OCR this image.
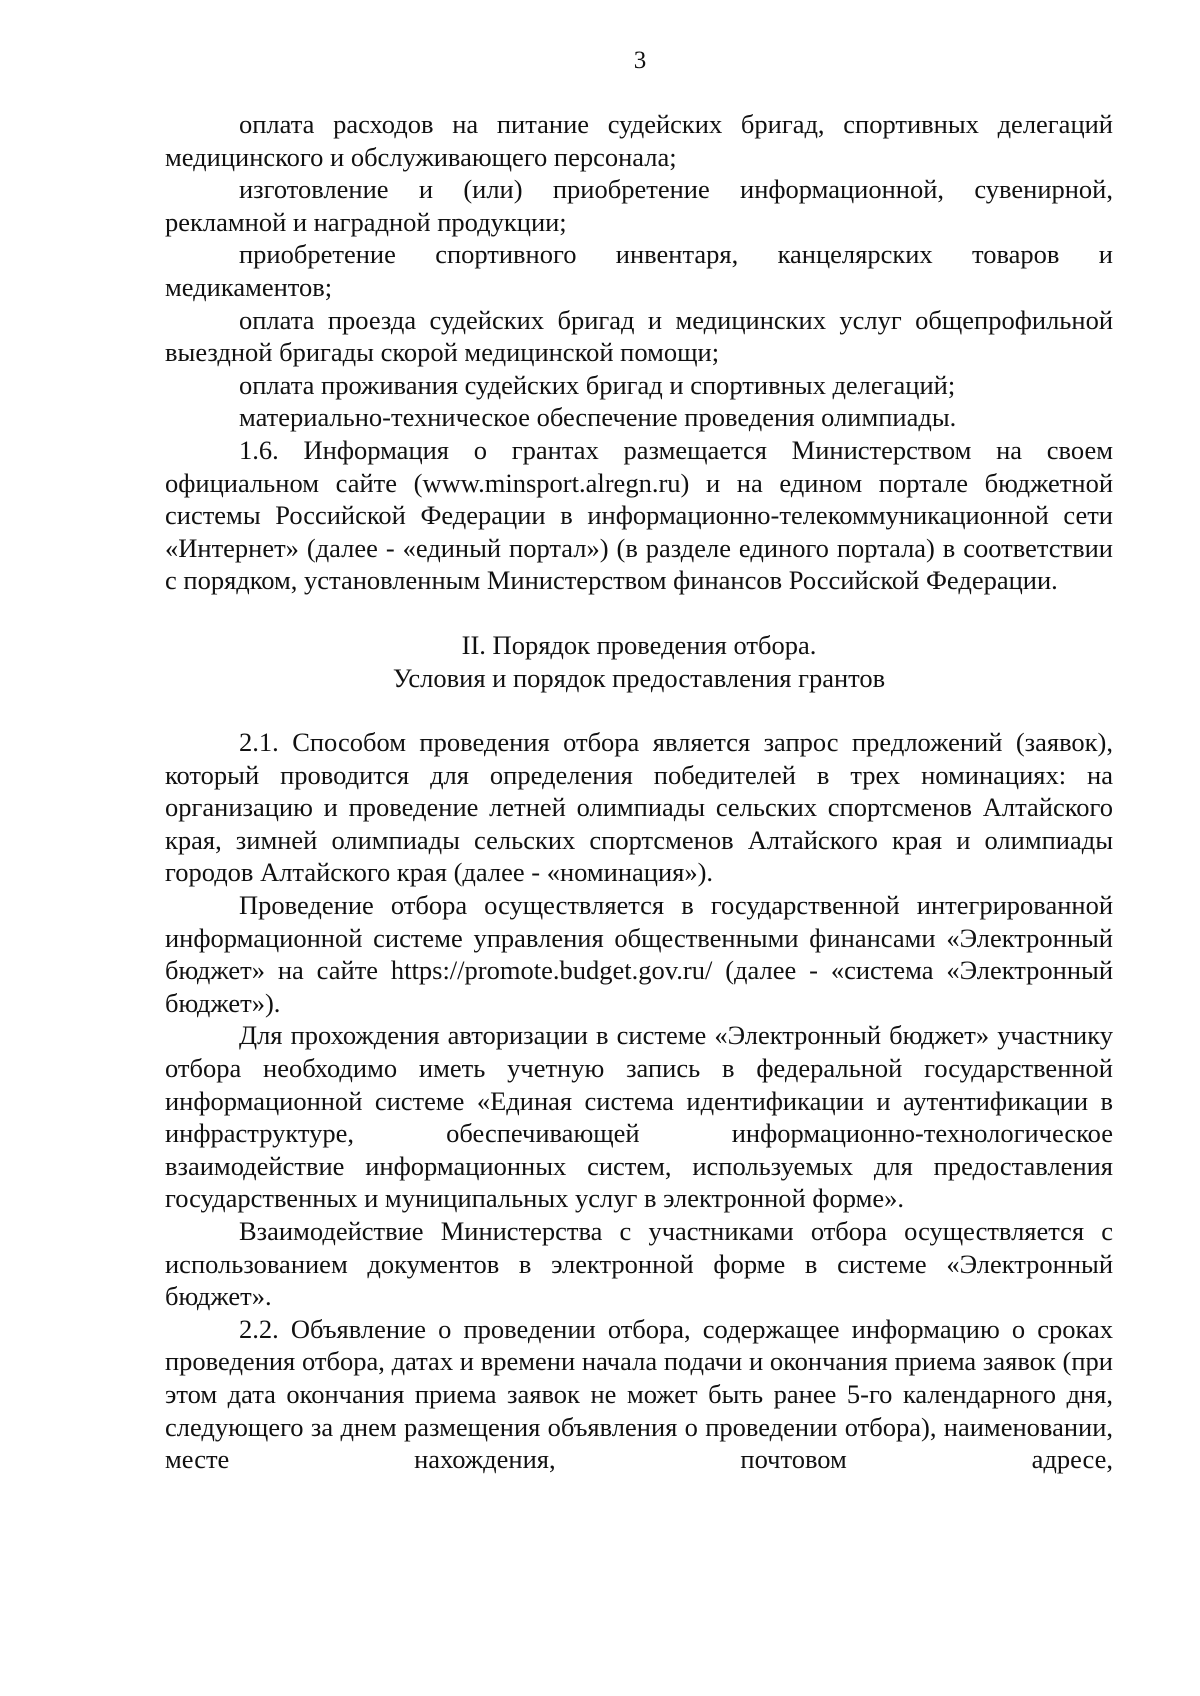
3

оплата расходов на питание судейских бригад, спортивных делегаций медицинского и обслуживающего персонала;

изготовление и (или) приобретение информационной, сувенирной, рекламной и наградной продукции;

приобретение спортивного инвентаря, канцелярских товаров и медикаментов;

оплата проезда судейских бригад и медицинских услуг общепрофильной выездной бригады скорой медицинской помощи;

оплата проживания судейских бригад и спортивных делегаций;

материально-техническое обеспечение проведения олимпиады.

1.6. Информация о грантах размещается Министерством на своем официальном сайте (www.minsport.alregn.ru) и на едином портале бюджетной системы Российской Федерации в информационно-телекоммуникационной сети «Интернет» (далее - «единый портал») (в разделе единого портала) в соответствии с порядком, установленным Министерством финансов Российской Федерации.

II. Порядок проведения отбора.
Условия и порядок предоставления грантов

2.1. Способом проведения отбора является запрос предложений (заявок), который проводится для определения победителей в трех номинациях: на организацию и проведение летней олимпиады сельских спортсменов Алтайского края, зимней олимпиады сельских спортсменов Алтайского края и олимпиады городов Алтайского края (далее - «номинация»).

Проведение отбора осуществляется в государственной интегрированной информационной системе управления общественными финансами «Электронный бюджет» на сайте https://promote.budget.gov.ru/ (далее - «система «Электронный бюджет»).

Для прохождения авторизации в системе «Электронный бюджет» участнику отбора необходимо иметь учетную запись в федеральной государственной информационной системе «Единая система идентификации и аутентификации в инфраструктуре, обеспечивающей информационно-технологическое взаимодействие информационных систем, используемых для предоставления государственных и муниципальных услуг в электронной форме».

Взаимодействие Министерства с участниками отбора осуществляется с использованием документов в электронной форме в системе «Электронный бюджет».

2.2. Объявление о проведении отбора, содержащее информацию о сроках проведения отбора, датах и времени начала подачи и окончания приема заявок (при этом дата окончания приема заявок не может быть ранее 5-го календарного дня, следующего за днем размещения объявления о проведении отбора), наименовании, месте нахождения, почтовом адресе,
